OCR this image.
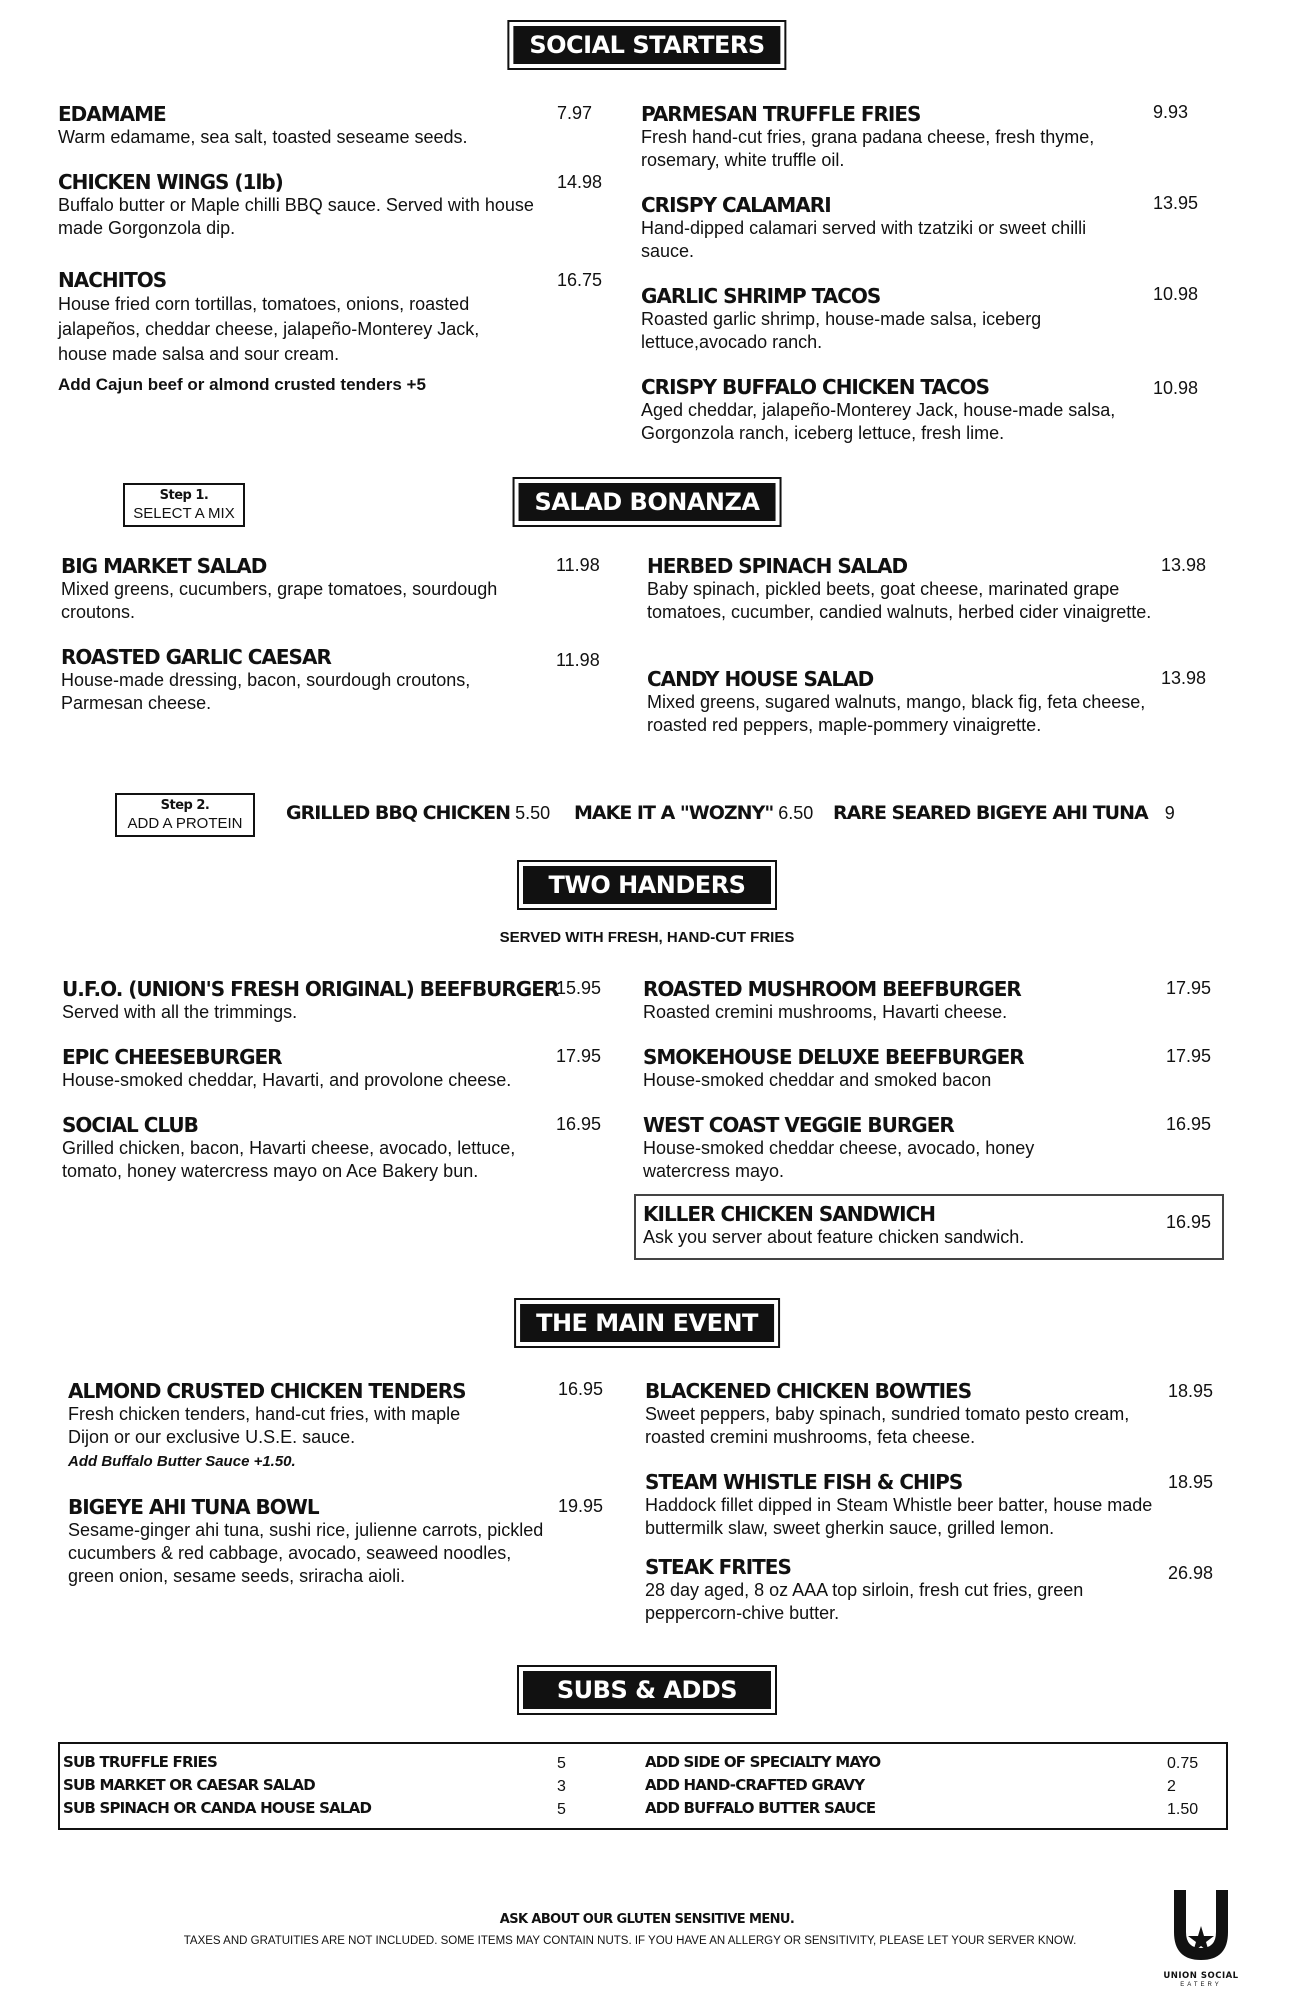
SOCIAL STARTERS
EDAMAME
Warm edamame, sea salt, toasted seseame seeds.
7.97
CHICKEN WINGS (1lb)
Buffalo butter or Maple chilli BBQ sauce. Served with house made Gorgonzola dip.
14.98
NACHITOS
House fried corn tortillas, tomatoes, onions, roasted jalapeños, cheddar cheese, jalapeño-Monterey Jack, house made salsa and sour cream.
16.75
Add Cajun beef or almond crusted tenders +5
PARMESAN TRUFFLE FRIES
Fresh hand-cut fries, grana padana cheese, fresh thyme, rosemary, white truffle oil.
9.93
CRISPY CALAMARI
Hand-dipped calamari served with tzatziki or sweet chilli sauce.
13.95
GARLIC SHRIMP TACOS
Roasted garlic shrimp, house-made salsa, iceberg lettuce,avocado ranch.
10.98
CRISPY BUFFALO CHICKEN TACOS
Aged cheddar, jalapeño-Monterey Jack, house-made salsa, Gorgonzola ranch, iceberg lettuce, fresh lime.
10.98
Step 1.
SELECT A MIX	SALAD BONANZA
BIG MARKET SALAD
Mixed greens, cucumbers, grape tomatoes, sourdough croutons.
11.98
ROASTED GARLIC CAESAR
House-made dressing, bacon, sourdough croutons, Parmesan cheese.
11.98
HERBED SPINACH SALAD
Baby spinach, pickled beets, goat cheese, marinated grape tomatoes, cucumber, candied walnuts, herbed cider vinaigrette.
13.98
CANDY HOUSE SALAD
Mixed greens, sugared walnuts, mango, black fig, feta cheese, roasted red peppers, maple-pommery vinaigrette.
13.98
Step 2.
ADD A PROTEIN	GRILLED BBQ CHICKEN 5.50 MAKE IT A "WOZNY" 6.50 RARE SEARED BIGEYE AHI TUNA 9
TWO HANDERS
SERVED WITH FRESH, HAND-CUT FRIES
U.F.O. (UNION'S FRESH ORIGINAL) BEEFBURGER
Served with all the trimmings.
15.95
EPIC CHEESEBURGER
House-smoked cheddar, Havarti, and provolone cheese.
17.95
SOCIAL CLUB
Grilled chicken, bacon, Havarti cheese, avocado, lettuce, tomato, honey watercress mayo on Ace Bakery bun.
16.95
ROASTED MUSHROOM BEEFBURGER
Roasted cremini mushrooms, Havarti cheese.
17.95
SMOKEHOUSE DELUXE BEEFBURGER
House-smoked cheddar and smoked bacon
17.95
WEST COAST VEGGIE BURGER
House-smoked cheddar cheese, avocado, honey watercress mayo.
16.95
KILLER CHICKEN SANDWICH
Ask you server about feature chicken sandwich.
16.95
THE MAIN EVENT
ALMOND CRUSTED CHICKEN TENDERS
Fresh chicken tenders, hand-cut fries, with maple Dijon or our exclusive U.S.E. sauce.
16.95
Add Buffalo Butter Sauce +1.50.
BIGEYE AHI TUNA BOWL
Sesame-ginger ahi tuna, sushi rice, julienne carrots, pickled cucumbers & red cabbage, avocado, seaweed noodles, green onion, sesame seeds, sriracha aioli.
19.95
BLACKENED CHICKEN BOWTIES
Sweet peppers, baby spinach, sundried tomato pesto cream, roasted cremini mushrooms, feta cheese.
18.95
STEAM WHISTLE FISH & CHIPS
Haddock fillet dipped in Steam Whistle beer batter, house made buttermilk slaw, sweet gherkin sauce, grilled lemon.
18.95
STEAK FRITES
28 day aged, 8 oz AAA top sirloin, fresh cut fries, green peppercorn-chive butter.
26.98
SUBS & ADDS
SUB TRUFFLE FRIES	5
SUB MARKET OR CAESAR SALAD	3
SUB SPINACH OR CANDA HOUSE SALAD	5
ADD SIDE OF SPECIALTY MAYO	0.75
ADD HAND-CRAFTED GRAVY	2
ADD BUFFALO BUTTER SAUCE	1.50
ASK ABOUT OUR GLUTEN SENSITIVE MENU.
TAXES AND GRATUITIES ARE NOT INCLUDED. SOME ITEMS MAY CONTAIN NUTS. IF YOU HAVE AN ALLERGY OR SENSITIVITY, PLEASE LET YOUR SERVER KNOW.
UNION SOCIAL
EATERY
